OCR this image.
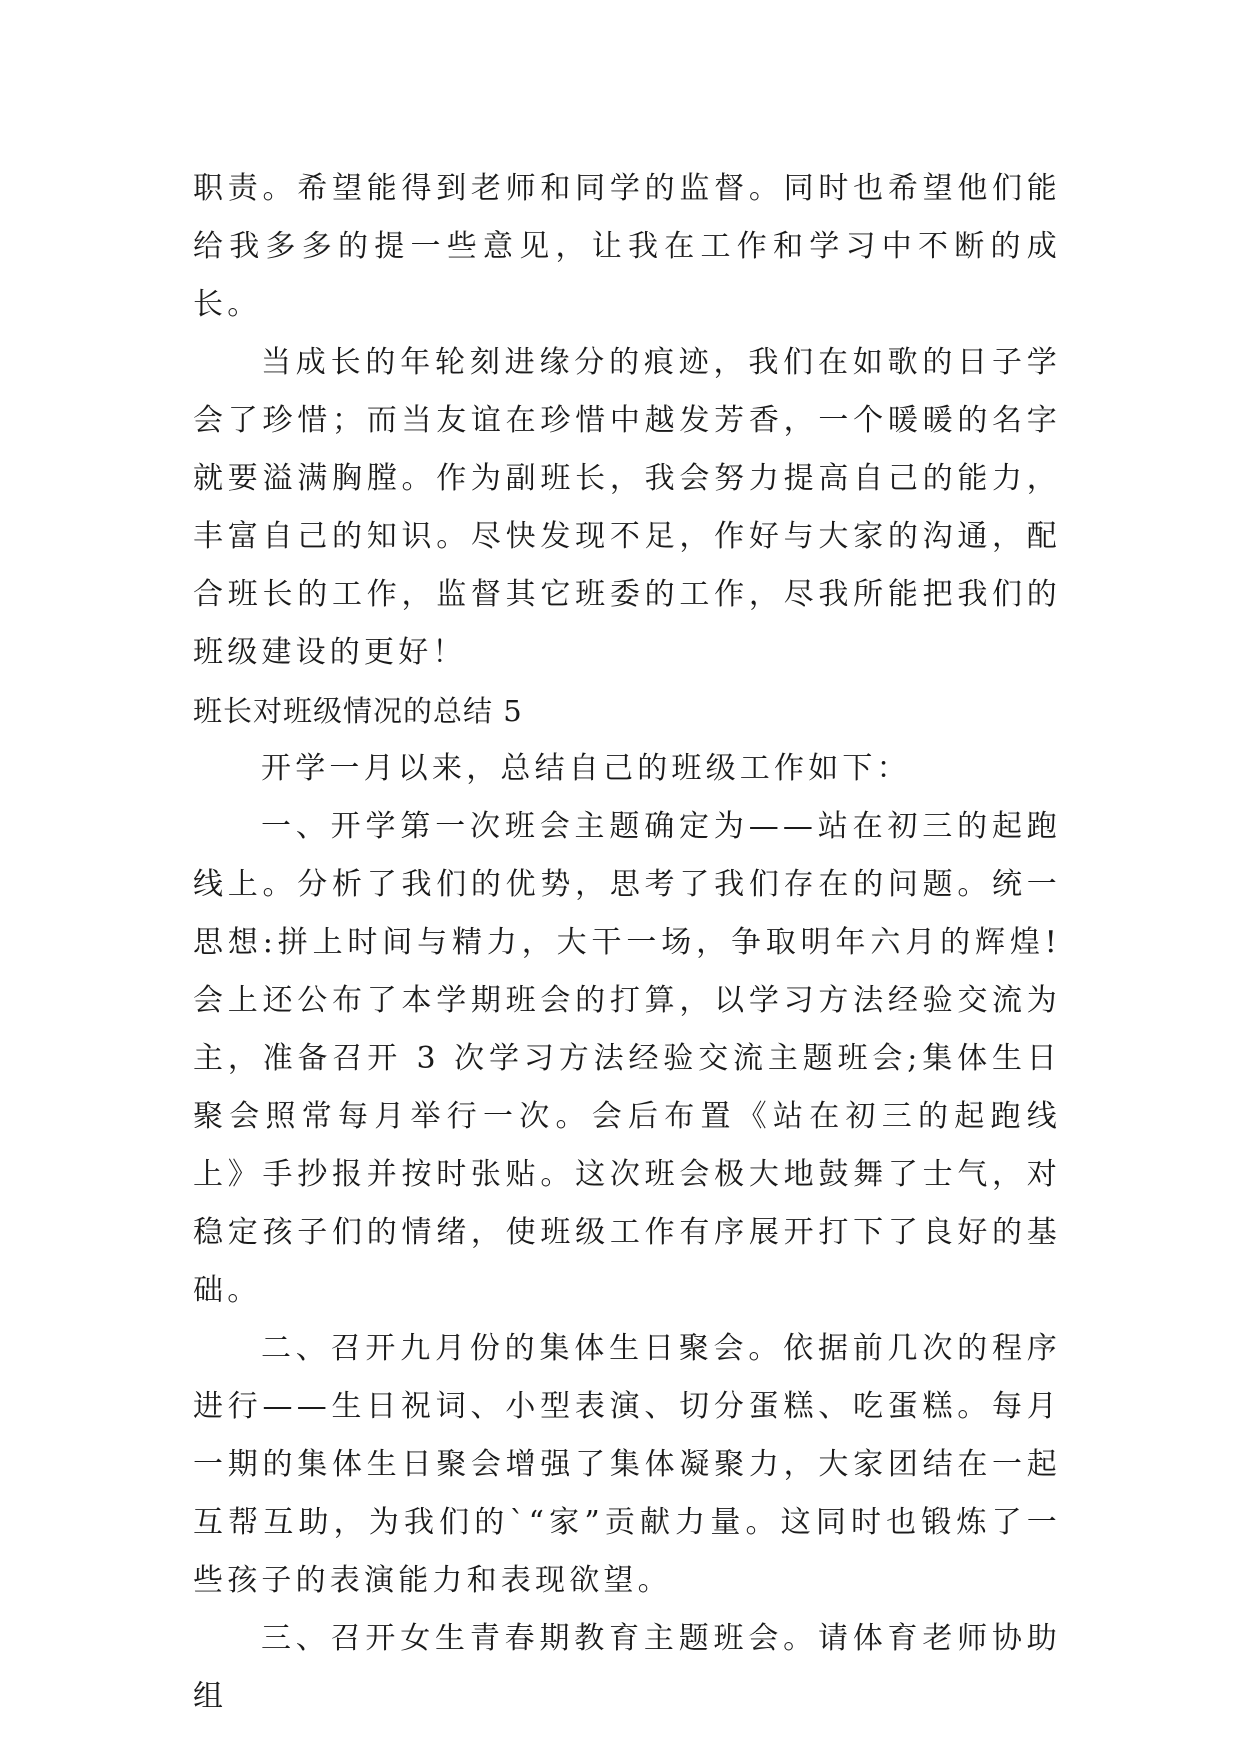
职责。希望能得到老师和同学的监督。同时也希望他们能给我多多的提一些意见，让我在工作和学习中不断的成长。

当成长的年轮刻进缘分的痕迹，我们在如歌的日子学会了珍惜；而当友谊在珍惜中越发芳香，一个暖暖的名字就要溢满胸膛。作为副班长，我会努力提高自己的能力，丰富自己的知识。尽快发现不足，作好与大家的沟通，配合班长的工作，监督其它班委的工作，尽我所能把我们的班级建设的更好！

班长对班级情况的总结 5

开学一月以来，总结自己的班级工作如下：

一、开学第一次班会主题确定为——站在初三的起跑线上。分析了我们的优势，思考了我们存在的问题。统一思想:拼上时间与精力，大干一场，争取明年六月的辉煌!会上还公布了本学期班会的打算，以学习方法经验交流为主，准备召开 3 次学习方法经验交流主题班会;集体生日聚会照常每月举行一次。会后布置《站在初三的起跑线上》手抄报并按时张贴。这次班会极大地鼓舞了士气，对稳定孩子们的情绪，使班级工作有序展开打下了良好的基础。

二、召开九月份的集体生日聚会。依据前几次的程序进行——生日祝词、小型表演、切分蛋糕、吃蛋糕。每月一期的集体生日聚会增强了集体凝聚力，大家团结在一起互帮互助，为我们的`“家”贡献力量。这同时也锻炼了一些孩子的表演能力和表现欲望。

三、召开女生青春期教育主题班会。请体育老师协助组
